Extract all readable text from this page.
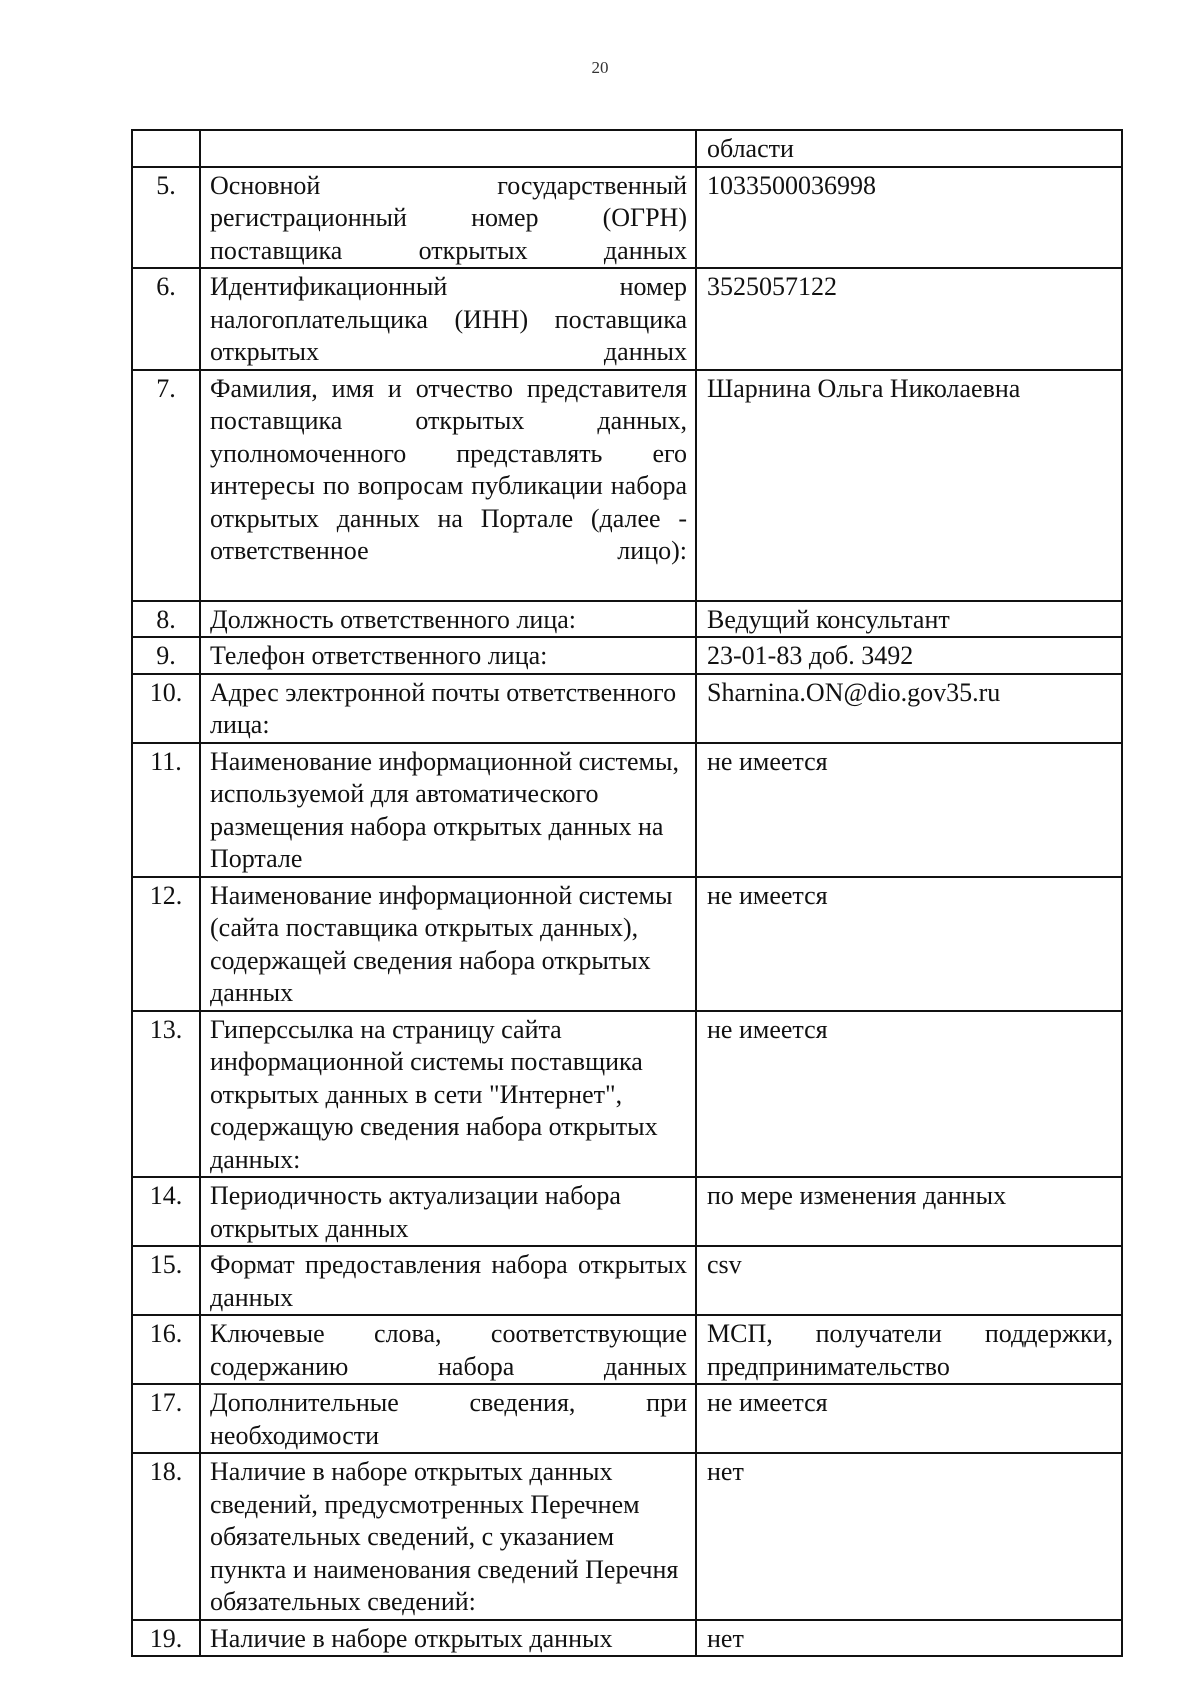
20
		области
5.	Основной государственный регистрационный номер (ОГРН) поставщика открытых данных	1033500036998
6.	Идентификационный номер налогоплательщика (ИНН) поставщика открытых данных	3525057122
7.	Фамилия, имя и отчество представителя поставщика открытых данных, уполномоченного представлять его интересы по вопросам публикации набора открытых данных на Портале (далее - ответственное лицо):	Шарнина Ольга Николаевна
8.	Должность ответственного лица:	Ведущий консультант
9.	Телефон ответственного лица:	23-01-83 доб. 3492
10.	Адрес электронной почты ответственного лица:	Sharnina.ON@dio.gov35.ru
11.	Наименование информационной системы, используемой для автоматического размещения набора открытых данных на Портале	не имеется
12.	Наименование информационной системы (сайта поставщика открытых данных), содержащей сведения набора открытых данных	не имеется
13.	Гиперссылка на страницу сайта информационной системы поставщика открытых данных в сети "Интернет", содержащую сведения набора открытых данных:	не имеется
14.	Периодичность актуализации набора открытых данных	по мере изменения данных
15.	Формат предоставления набора открытых данных	csv
16.	Ключевые слова, соответствующие содержанию набора данных	МСП, получатели поддержки, предпринимательство
17.	Дополнительные сведения, при необходимости	не имеется
18.	Наличие в наборе открытых данных сведений, предусмотренных Перечнем обязательных сведений, с указанием пункта и наименования сведений Перечня обязательных сведений:	нет
19.	Наличие в наборе открытых данных	нет
